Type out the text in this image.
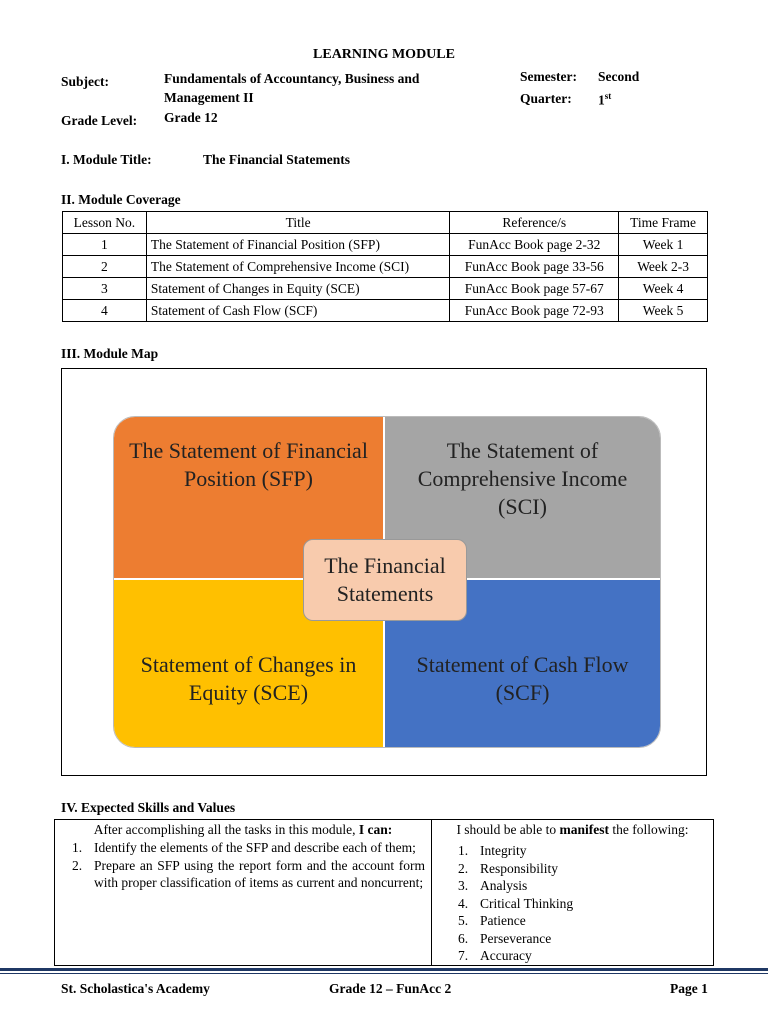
LEARNING MODULE
Subject:	Fundamentals of Accountancy, Business and
Management II
Semester: Second
Quarter: 1st
Grade Level: Grade 12
I. Module Title:	The Financial Statements
II. Module Coverage
Lesson No.	Title	Reference/s	Time Frame
1	The Statement of Financial Position (SFP)	FunAcc Book page 2-32	Week 1
2	The Statement of Comprehensive Income (SCI)	FunAcc Book page 33-56	Week 2-3
3	Statement of Changes in Equity (SCE)	FunAcc Book page 57-67	Week 4
4	Statement of Cash Flow (SCF)	FunAcc Book page 72-93	Week 5
III. Module Map
The Statement of Financial Position (SFP)
The Statement of Comprehensive Income (SCI)
Statement of Changes in Equity (SCE)
Statement of Cash Flow (SCF)
The Financial Statements
IV. Expected Skills and Values
After accomplishing all the tasks in this module, I can:
1. Identify the elements of the SFP and describe each of them;
2. Prepare an SFP using the report form and the account form with proper classification of items as current and noncurrent;

I should be able to manifest the following:
1. Integrity
2. Responsibility
3. Analysis
4. Critical Thinking
5. Patience
6. Perseverance
7. Accuracy
St. Scholastica's Academy	Grade 12 – FunAcc 2	Page 1
